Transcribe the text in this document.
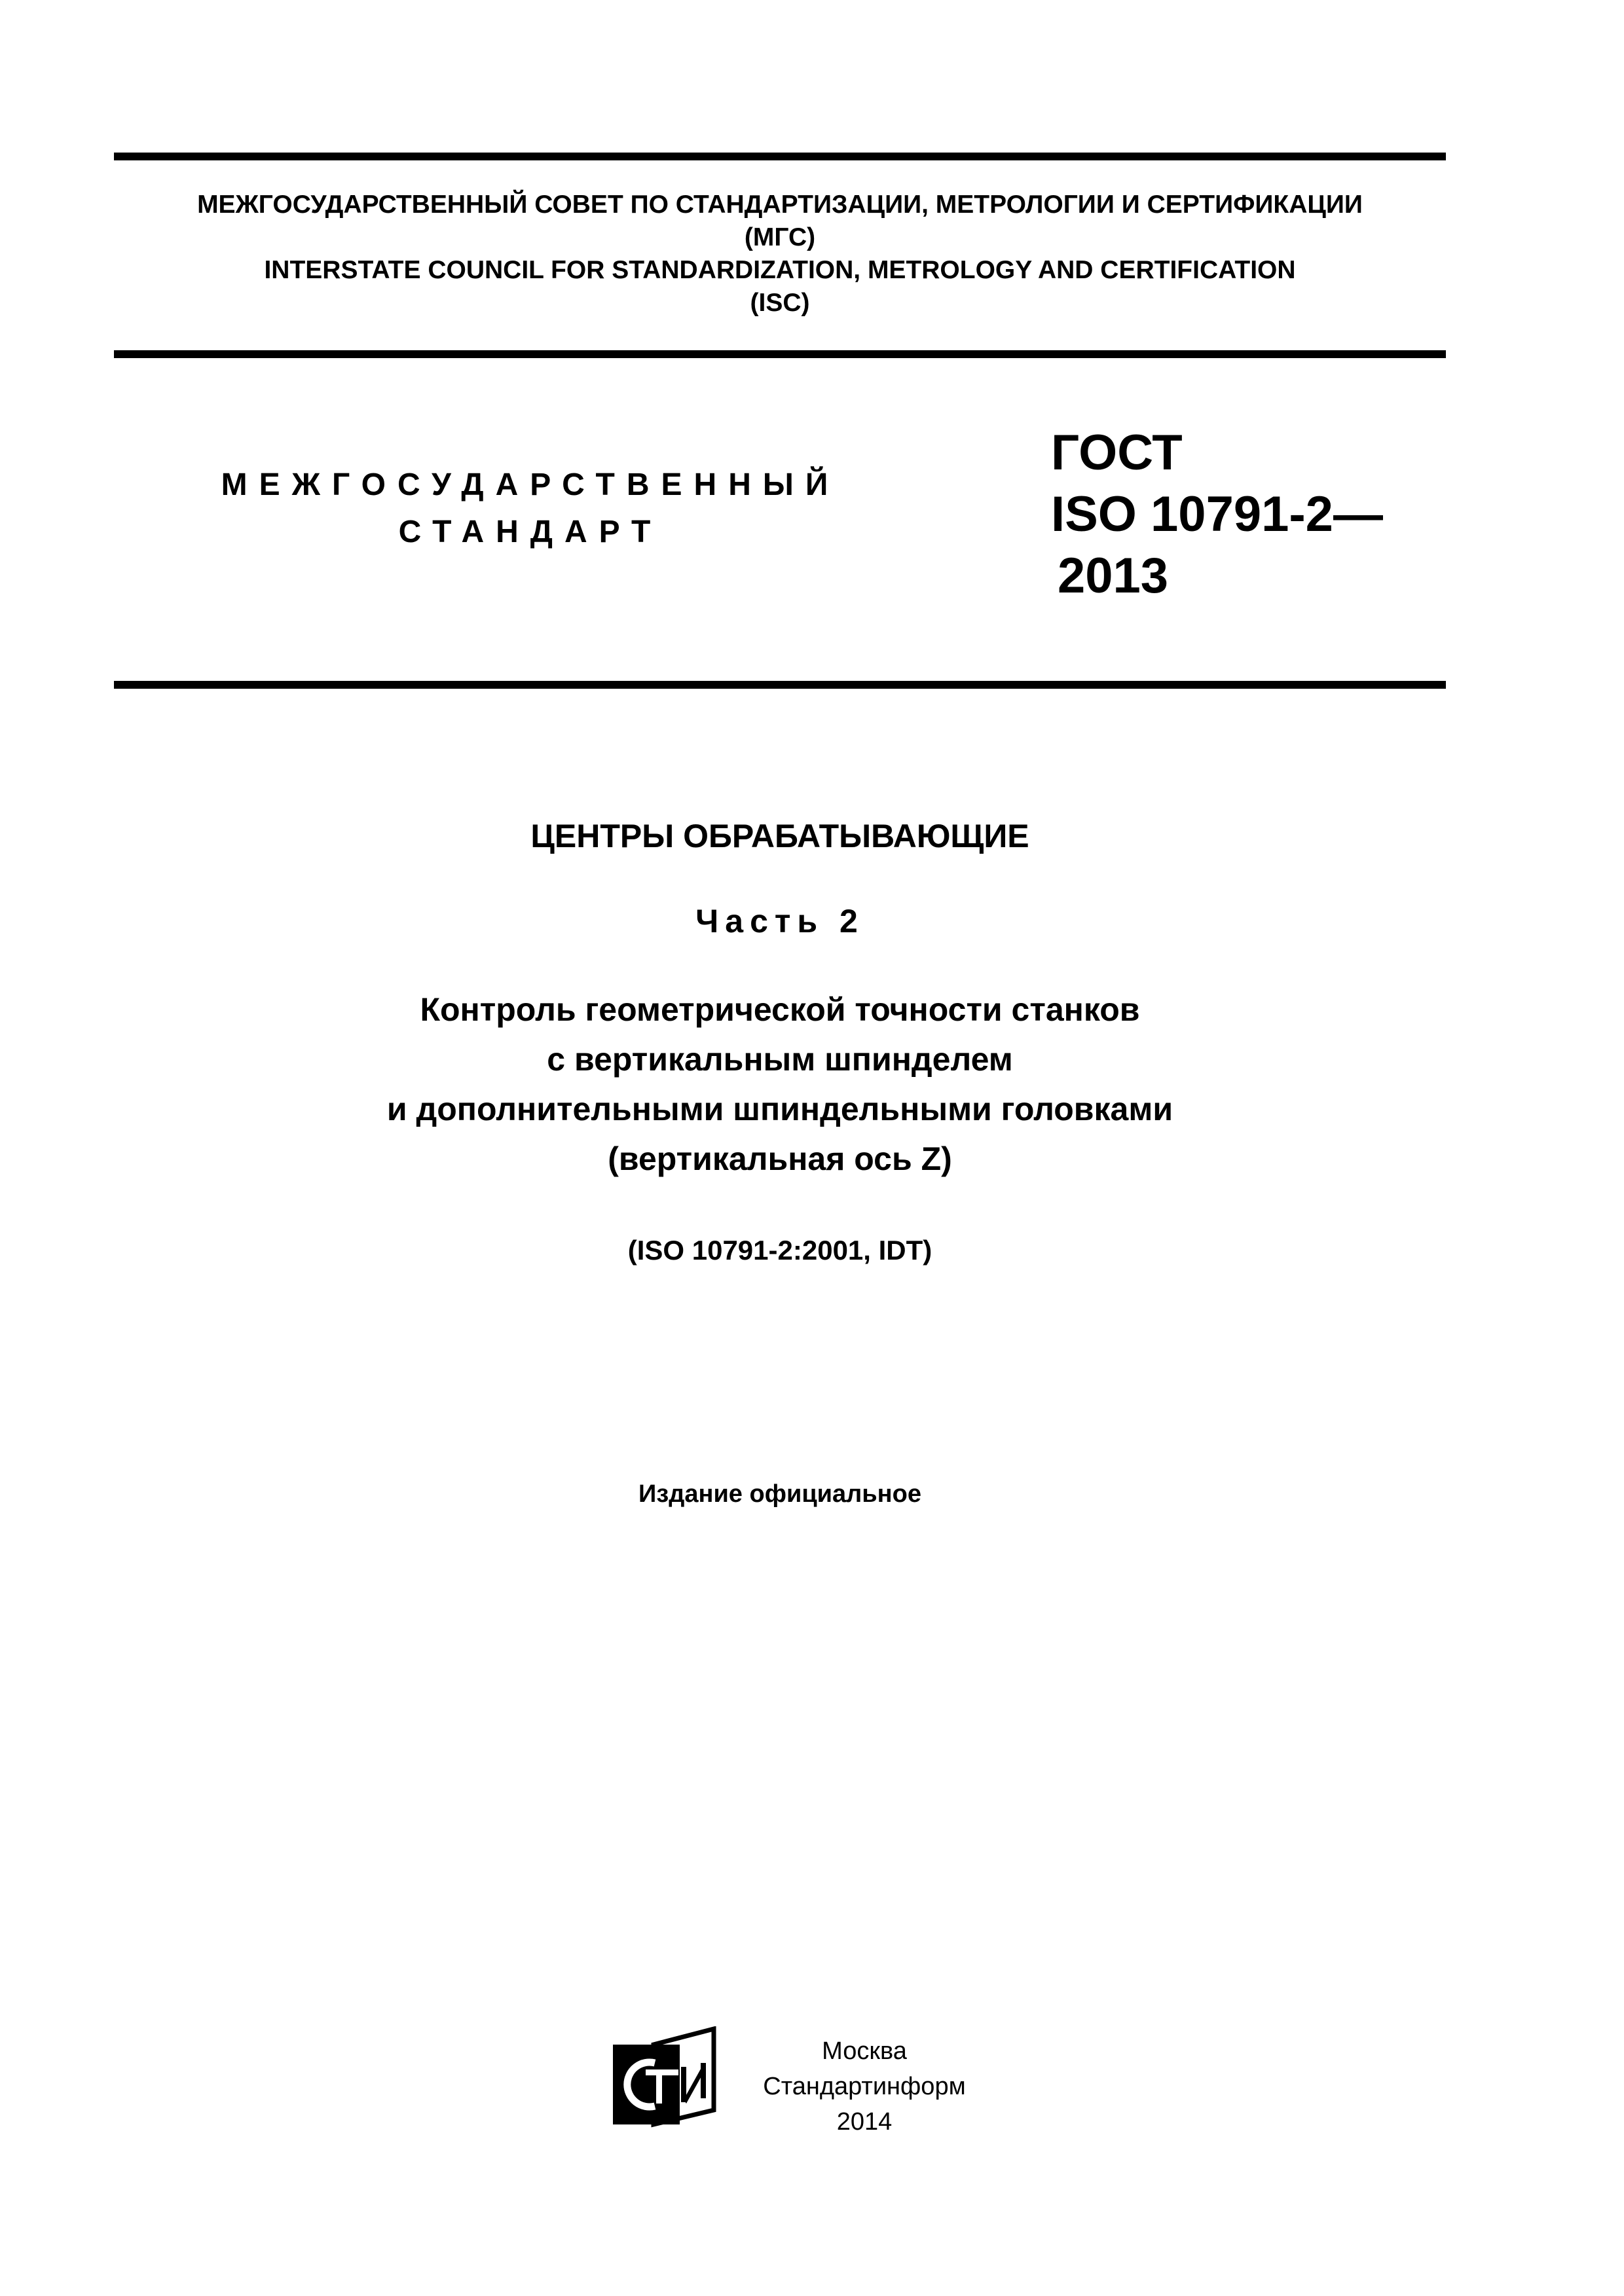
МЕЖГОСУДАРСТВЕННЫЙ СОВЕТ ПО СТАНДАРТИЗАЦИИ, МЕТРОЛОГИИ И СЕРТИФИКАЦИИ
(МГС)
INTERSTATE COUNCIL FOR STANDARDIZATION, METROLOGY AND CERTIFICATION
(ISC)
МЕЖГОСУДАРСТВЕННЫЙ
СТАНДАРТ
ГОСТ
ISO 10791-2—
2013
ЦЕНТРЫ ОБРАБАТЫВАЮЩИЕ
Часть 2
Контроль геометрической точности станков
с вертикальным шпинделем
и дополнительными шпиндельными головками
(вертикальная ось Z)
(ISO 10791-2:2001, IDT)
Издание официальное
Москва
Стандартинформ
2014
